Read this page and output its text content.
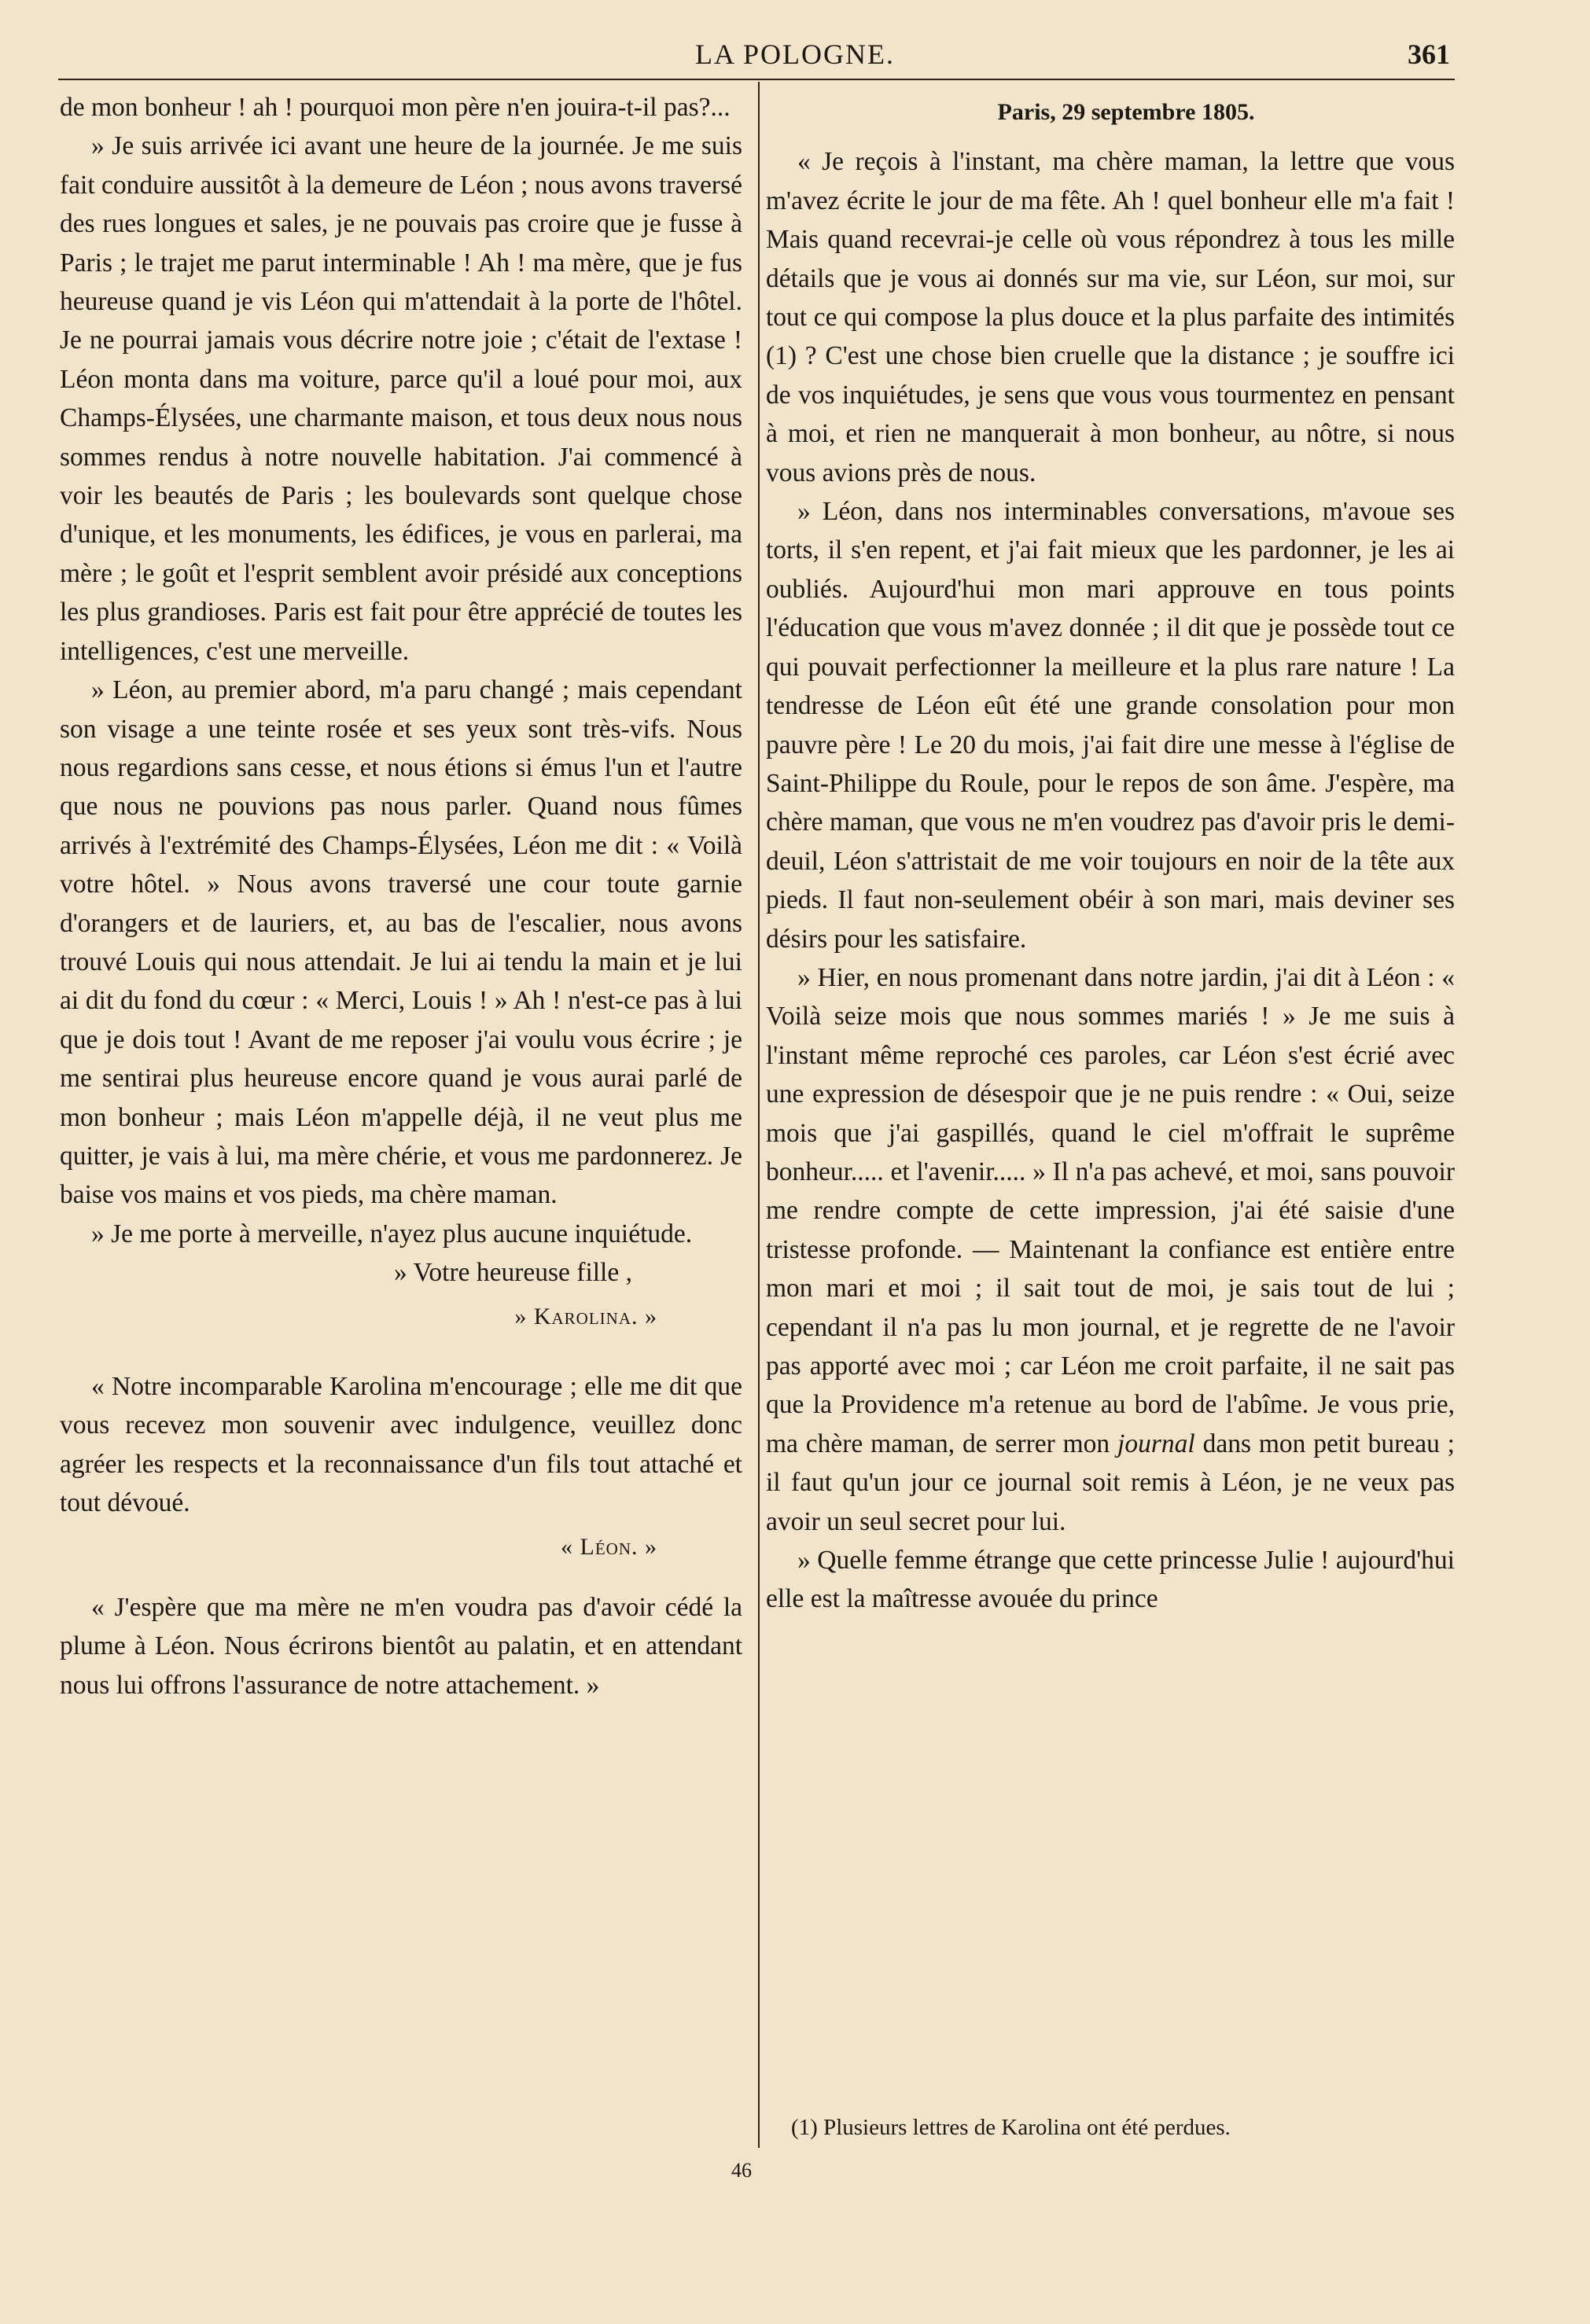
LA POLOGNE.	361

de mon bonheur ! ah ! pourquoi mon père n'en jouira-t-il pas?...

» Je suis arrivée ici avant une heure de la journée. Je me suis fait conduire aussitôt à la demeure de Léon ; nous avons traversé des rues longues et sales, je ne pouvais pas croire que je fusse à Paris ; le trajet me parut interminable ! Ah ! ma mère, que je fus heureuse quand je vis Léon qui m'attendait à la porte de l'hôtel. Je ne pourrai jamais vous décrire notre joie ; c'était de l'extase ! Léon monta dans ma voiture, parce qu'il a loué pour moi, aux Champs-Élysées, une charmante maison, et tous deux nous nous sommes rendus à notre nouvelle habitation. J'ai commencé à voir les beautés de Paris ; les boulevards sont quelque chose d'unique, et les monuments, les édifices, je vous en parlerai, ma mère ; le goût et l'esprit semblent avoir présidé aux conceptions les plus grandioses. Paris est fait pour être apprécié de toutes les intelligences, c'est une merveille.

» Léon, au premier abord, m'a paru changé ; mais cependant son visage a une teinte rosée et ses yeux sont très-vifs. Nous nous regardions sans cesse, et nous étions si émus l'un et l'autre que nous ne pouvions pas nous parler. Quand nous fûmes arrivés à l'extrémité des Champs-Élysées, Léon me dit : « Voilà votre hôtel. » Nous avons traversé une cour toute garnie d'orangers et de lauriers, et, au bas de l'escalier, nous avons trouvé Louis qui nous attendait. Je lui ai tendu la main et je lui ai dit du fond du cœur : « Merci, Louis ! » Ah ! n'est-ce pas à lui que je dois tout ! Avant de me reposer j'ai voulu vous écrire ; je me sentirai plus heureuse encore quand je vous aurai parlé de mon bonheur ; mais Léon m'appelle déjà, il ne veut plus me quitter, je vais à lui, ma mère chérie, et vous me pardonnerez. Je baise vos mains et vos pieds, ma chère maman.

» Je me porte à merveille, n'ayez plus aucune inquiétude.

» Votre heureuse fille ,

» Karolina. »

« Notre incomparable Karolina m'encourage ; elle me dit que vous recevez mon souvenir avec indulgence, veuillez donc agréer les respects et la reconnaissance d'un fils tout attaché et tout dévoué.

« Léon. »

« J'espère que ma mère ne m'en voudra pas d'avoir cédé la plume à Léon. Nous écrirons bientôt au palatin, et en attendant nous lui offrons l'assurance de notre attachement. »

Paris, 29 septembre 1805.

« Je reçois à l'instant, ma chère maman, la lettre que vous m'avez écrite le jour de ma fête. Ah ! quel bonheur elle m'a fait ! Mais quand recevrai-je celle où vous répondrez à tous les mille détails que je vous ai donnés sur ma vie, sur Léon, sur moi, sur tout ce qui compose la plus douce et la plus parfaite des intimités (1) ? C'est une chose bien cruelle que la distance ; je souffre ici de vos inquiétudes, je sens que vous vous tourmentez en pensant à moi, et rien ne manquerait à mon bonheur, au nôtre, si nous vous avions près de nous.

» Léon, dans nos interminables conversations, m'avoue ses torts, il s'en repent, et j'ai fait mieux que les pardonner, je les ai oubliés. Aujourd'hui mon mari approuve en tous points l'éducation que vous m'avez donnée ; il dit que je possède tout ce qui pouvait perfectionner la meilleure et la plus rare nature ! La tendresse de Léon eût été une grande consolation pour mon pauvre père ! Le 20 du mois, j'ai fait dire une messe à l'église de Saint-Philippe du Roule, pour le repos de son âme. J'espère, ma chère maman, que vous ne m'en voudrez pas d'avoir pris le demi-deuil, Léon s'attristait de me voir toujours en noir de la tête aux pieds. Il faut non-seulement obéir à son mari, mais deviner ses désirs pour les satisfaire.

» Hier, en nous promenant dans notre jardin, j'ai dit à Léon : « Voilà seize mois que nous sommes mariés ! » Je me suis à l'instant même reproché ces paroles, car Léon s'est écrié avec une expression de désespoir que je ne puis rendre : « Oui, seize mois que j'ai gaspillés, quand le ciel m'offrait le suprême bonheur..... et l'avenir..... » Il n'a pas achevé, et moi, sans pouvoir me rendre compte de cette impression, j'ai été saisie d'une tristesse profonde. — Maintenant la confiance est entière entre mon mari et moi ; il sait tout de moi, je sais tout de lui ; cependant il n'a pas lu mon journal, et je regrette de ne l'avoir pas apporté avec moi ; car Léon me croit parfaite, il ne sait pas que la Providence m'a retenue au bord de l'abîme. Je vous prie, ma chère maman, de serrer mon journal dans mon petit bureau ; il faut qu'un jour ce journal soit remis à Léon, je ne veux pas avoir un seul secret pour lui.

» Quelle femme étrange que cette princesse Julie ! aujourd'hui elle est la maîtresse avouée du prince

(1) Plusieurs lettres de Karolina ont été perdues.
46
